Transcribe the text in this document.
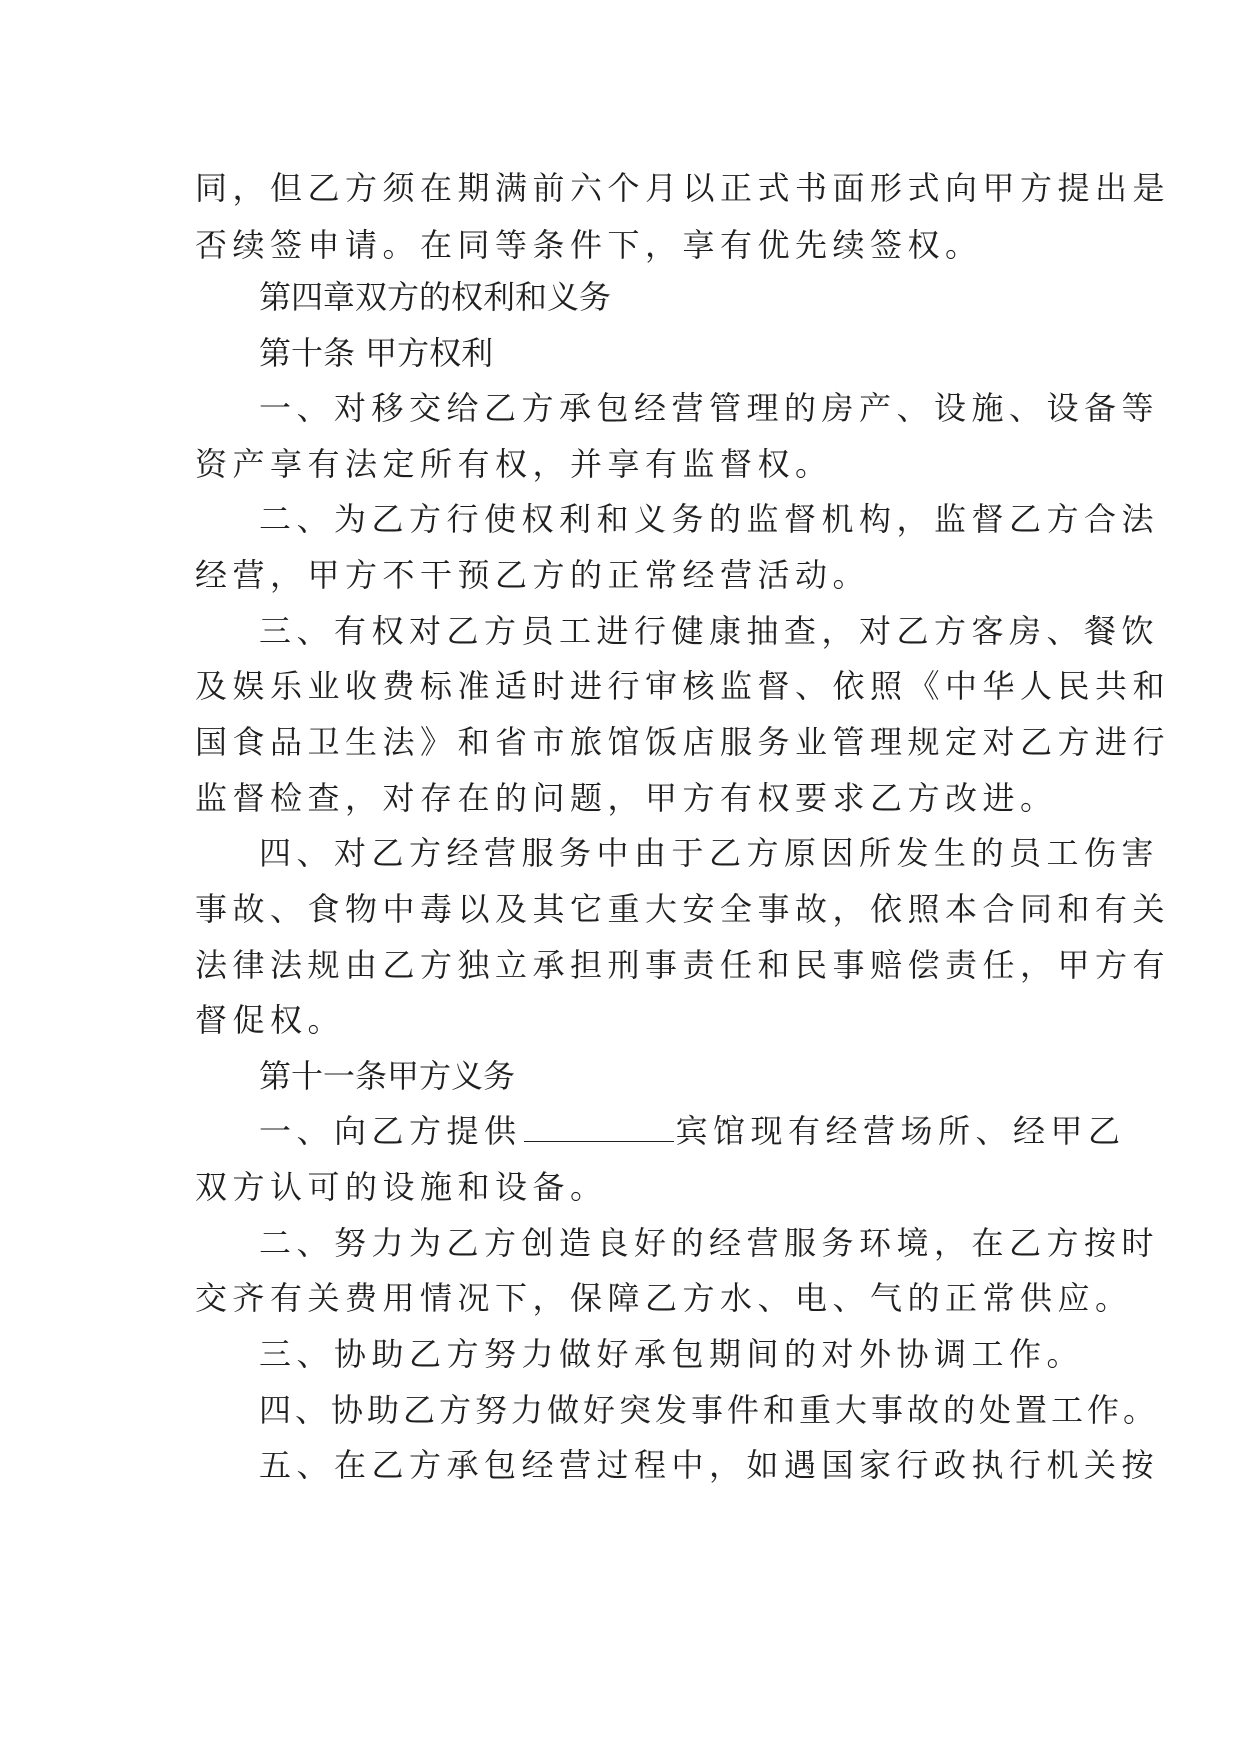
同，但乙方须在期满前六个月以正式书面形式向甲方提出是
否续签申请。在同等条件下，享有优先续签权。
第四章双方的权利和义务
第十条 甲方权利
一、对移交给乙方承包经营管理的房产、设施、设备等
资产享有法定所有权，并享有监督权。
二、为乙方行使权利和义务的监督机构，监督乙方合法
经营，甲方不干预乙方的正常经营活动。
三、有权对乙方员工进行健康抽查，对乙方客房、餐饮
及娱乐业收费标准适时进行审核监督、依照《中华人民共和
国食品卫生法》和省市旅馆饭店服务业管理规定对乙方进行
监督检查，对存在的问题，甲方有权要求乙方改进。
四、对乙方经营服务中由于乙方原因所发生的员工伤害
事故、食物中毒以及其它重大安全事故，依照本合同和有关
法律法规由乙方独立承担刑事责任和民事赔偿责任，甲方有
督促权。
第十一条甲方义务
一、向乙方提供	宾馆现有经营场所、经甲乙
双方认可的设施和设备。
二、努力为乙方创造良好的经营服务环境，在乙方按时
交齐有关费用情况下，保障乙方水、电、气的正常供应。
三、协助乙方努力做好承包期间的对外协调工作。
四、协助乙方努力做好突发事件和重大事故的处置工作。
五、在乙方承包经营过程中，如遇国家行政执行机关按
